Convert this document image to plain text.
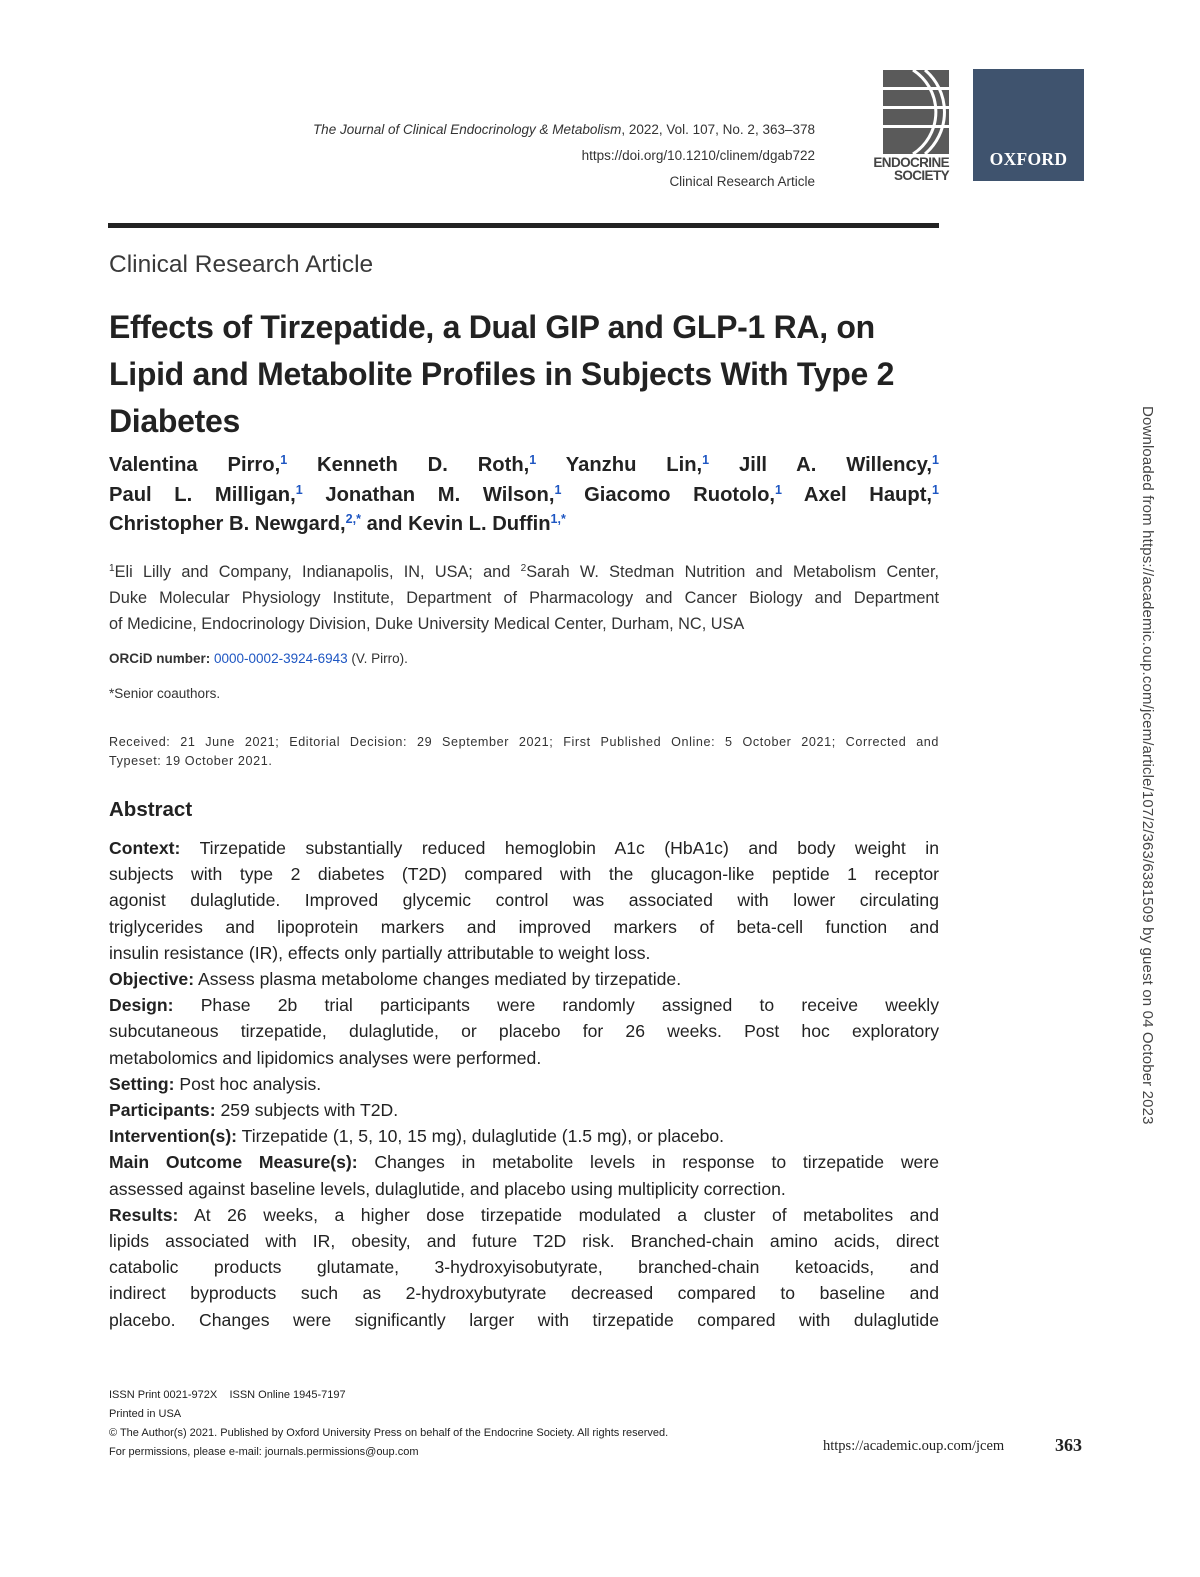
The Journal of Clinical Endocrinology & Metabolism, 2022, Vol. 107, No. 2, 363–378
https://doi.org/10.1210/clinem/dgab722
Clinical Research Article
ENDOCRINE SOCIETY
OXFORD
Clinical Research Article
Effects of Tirzepatide, a Dual GIP and GLP-1 RA, on Lipid and Metabolite Profiles in Subjects With Type 2 Diabetes
Valentina Pirro,$^1$ Kenneth D. Roth,$^1$ Yanzhu Lin,$^1$ Jill A. Willency,$^1$
Paul L. Milligan,$^1$ Jonathan M. Wilson,$^1$ Giacomo Ruotolo,$^1$ Axel Haupt,$^1$
Christopher B. Newgard,$^{2,*}$ and Kevin L. Duffin$^{1,*}$
$^1$Eli Lilly and Company, Indianapolis, IN, USA; and $^2$Sarah W. Stedman Nutrition and Metabolism Center,
Duke Molecular Physiology Institute, Department of Pharmacology and Cancer Biology and Department
of Medicine, Endocrinology Division, Duke University Medical Center, Durham, NC, USA
ORCiD number: 0000-0002-3924-6943 (V. Pirro).
*Senior coauthors.
Received: 21 June 2021; Editorial Decision: 29 September 2021; First Published Online: 5 October 2021; Corrected and
Typeset: 19 October 2021.
Abstract
Context: Tirzepatide substantially reduced hemoglobin A1c (HbA1c) and body weight in
subjects with type 2 diabetes (T2D) compared with the glucagon-like peptide 1 receptor
agonist dulaglutide. Improved glycemic control was associated with lower circulating
triglycerides and lipoprotein markers and improved markers of beta-cell function and
insulin resistance (IR), effects only partially attributable to weight loss.
Objective: Assess plasma metabolome changes mediated by tirzepatide.
Design: Phase 2b trial participants were randomly assigned to receive weekly
subcutaneous tirzepatide, dulaglutide, or placebo for 26 weeks. Post hoc exploratory
metabolomics and lipidomics analyses were performed.
Setting: Post hoc analysis.
Participants: 259 subjects with T2D.
Intervention(s): Tirzepatide (1, 5, 10, 15 mg), dulaglutide (1.5 mg), or placebo.
Main Outcome Measure(s): Changes in metabolite levels in response to tirzepatide were
assessed against baseline levels, dulaglutide, and placebo using multiplicity correction.
Results: At 26 weeks, a higher dose tirzepatide modulated a cluster of metabolites and
lipids associated with IR, obesity, and future T2D risk. Branched-chain amino acids, direct
catabolic products glutamate, 3-hydroxyisobutyrate, branched-chain ketoacids, and
indirect byproducts such as 2-hydroxybutyrate decreased compared to baseline and
placebo. Changes were significantly larger with tirzepatide compared with dulaglutide
ISSN Print 0021-972X    ISSN Online 1945-7197
Printed in USA
© The Author(s) 2021. Published by Oxford University Press on behalf of the Endocrine Society. All rights reserved.
For permissions, please e-mail: journals.permissions@oup.com	https://academic.oup.com/jcem	363
Downloaded from https://academic.oup.com/jcem/article/107/2/363/6381509 by guest on 04 October 2023
